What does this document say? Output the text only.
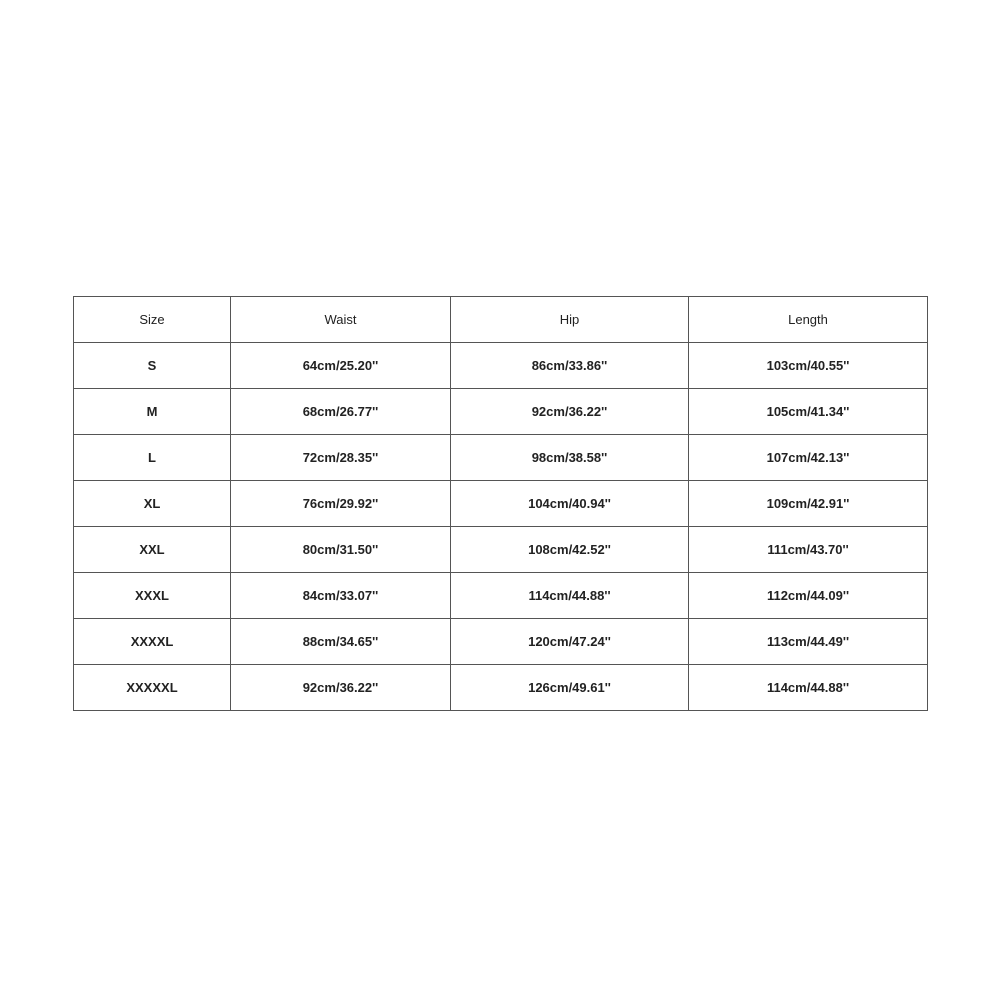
Size	Waist	Hip	Length
S	64cm/25.20''	86cm/33.86''	103cm/40.55''
M	68cm/26.77''	92cm/36.22''	105cm/41.34''
L	72cm/28.35''	98cm/38.58''	107cm/42.13''
XL	76cm/29.92''	104cm/40.94''	109cm/42.91''
XXL	80cm/31.50''	108cm/42.52''	111cm/43.70''
XXXL	84cm/33.07''	114cm/44.88''	112cm/44.09''
XXXXL	88cm/34.65''	120cm/47.24''	113cm/44.49''
XXXXXL	92cm/36.22''	126cm/49.61''	114cm/44.88''
